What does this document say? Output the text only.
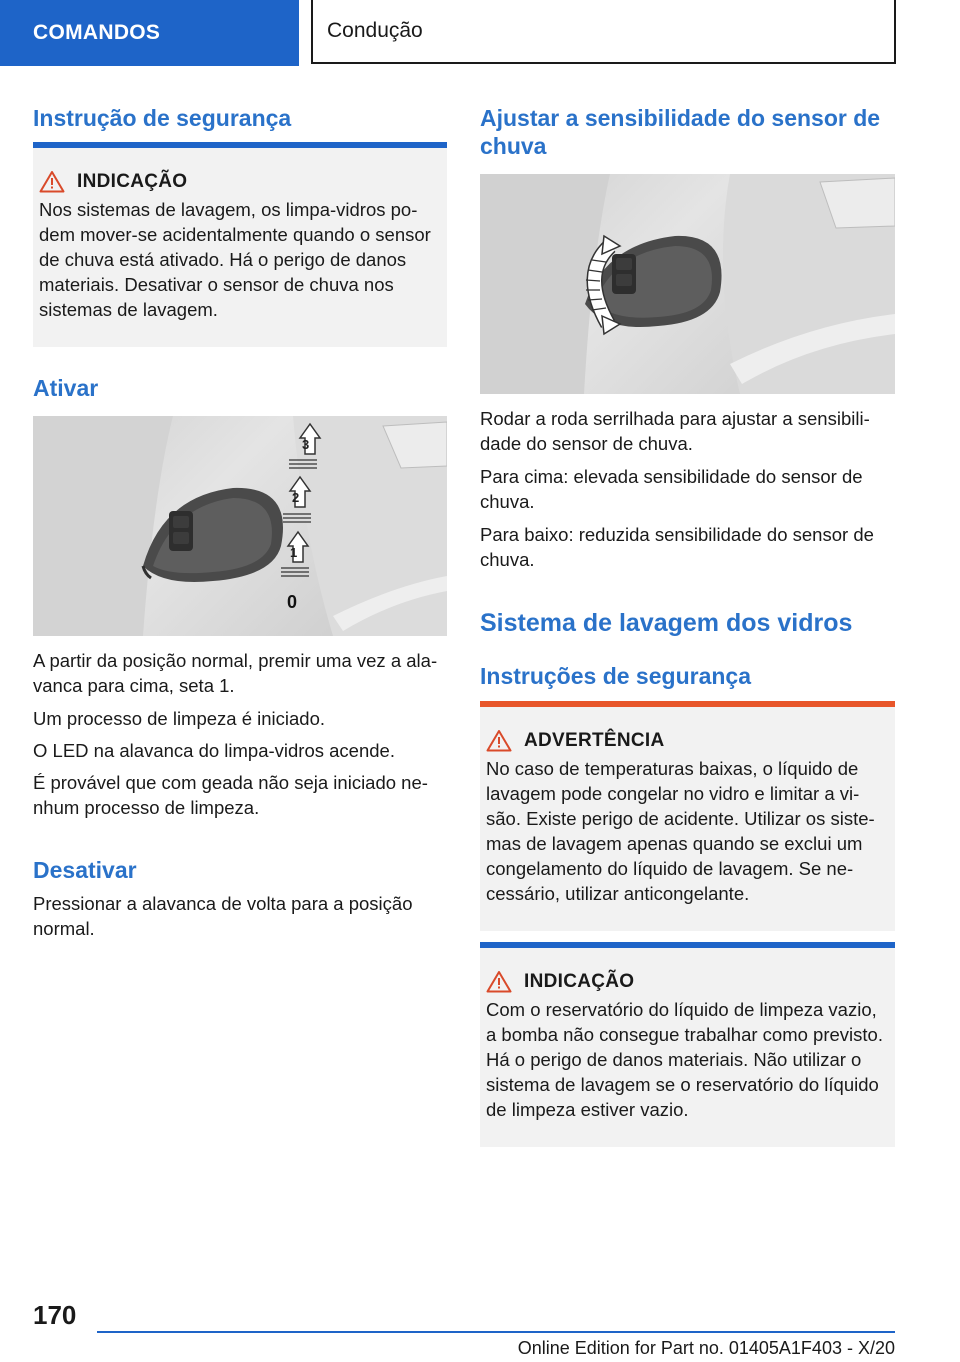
COMANDOS	Condução
Instrução de segurança
INDICAÇÃO
Nos sistemas de lavagem, os limpa-vidros podem mover-se acidentalmente quando o sensor de chuva está ativado. Há o perigo de danos materiais. Desativar o sensor de chuva nos sistemas de lavagem.
Ativar
3
2
1
0

A partir da posição normal, premir uma vez a alavanca para cima, seta 1.

Um processo de limpeza é iniciado.

O LED na alavanca do limpa-vidros acende.

É provável que com geada não seja iniciado nenhum processo de limpeza.

Desativar

Pressionar a alavanca de volta para a posição normal.

Ajustar a sensibilidade do sensor de chuva

Rodar a roda serrilhada para ajustar a sensibilidade do sensor de chuva.

Para cima: elevada sensibilidade do sensor de chuva.

Para baixo: reduzida sensibilidade do sensor de chuva.

Sistema de lavagem dos vidros
Instruções de segurança
ADVERTÊNCIA
No caso de temperaturas baixas, o líquido de lavagem pode congelar no vidro e limitar a visão. Existe perigo de acidente. Utilizar os sistemas de lavagem apenas quando se exclui um congelamento do líquido de lavagem. Se necessário, utilizar anticongelante.
INDICAÇÃO
Com o reservatório do líquido de limpeza vazio, a bomba não consegue trabalhar como previsto. Há o perigo de danos materiais. Não utilizar o sistema de lavagem se o reservatório do líquido de limpeza estiver vazio.
170
Online Edition for Part no. 01405A1F403 - X/20
